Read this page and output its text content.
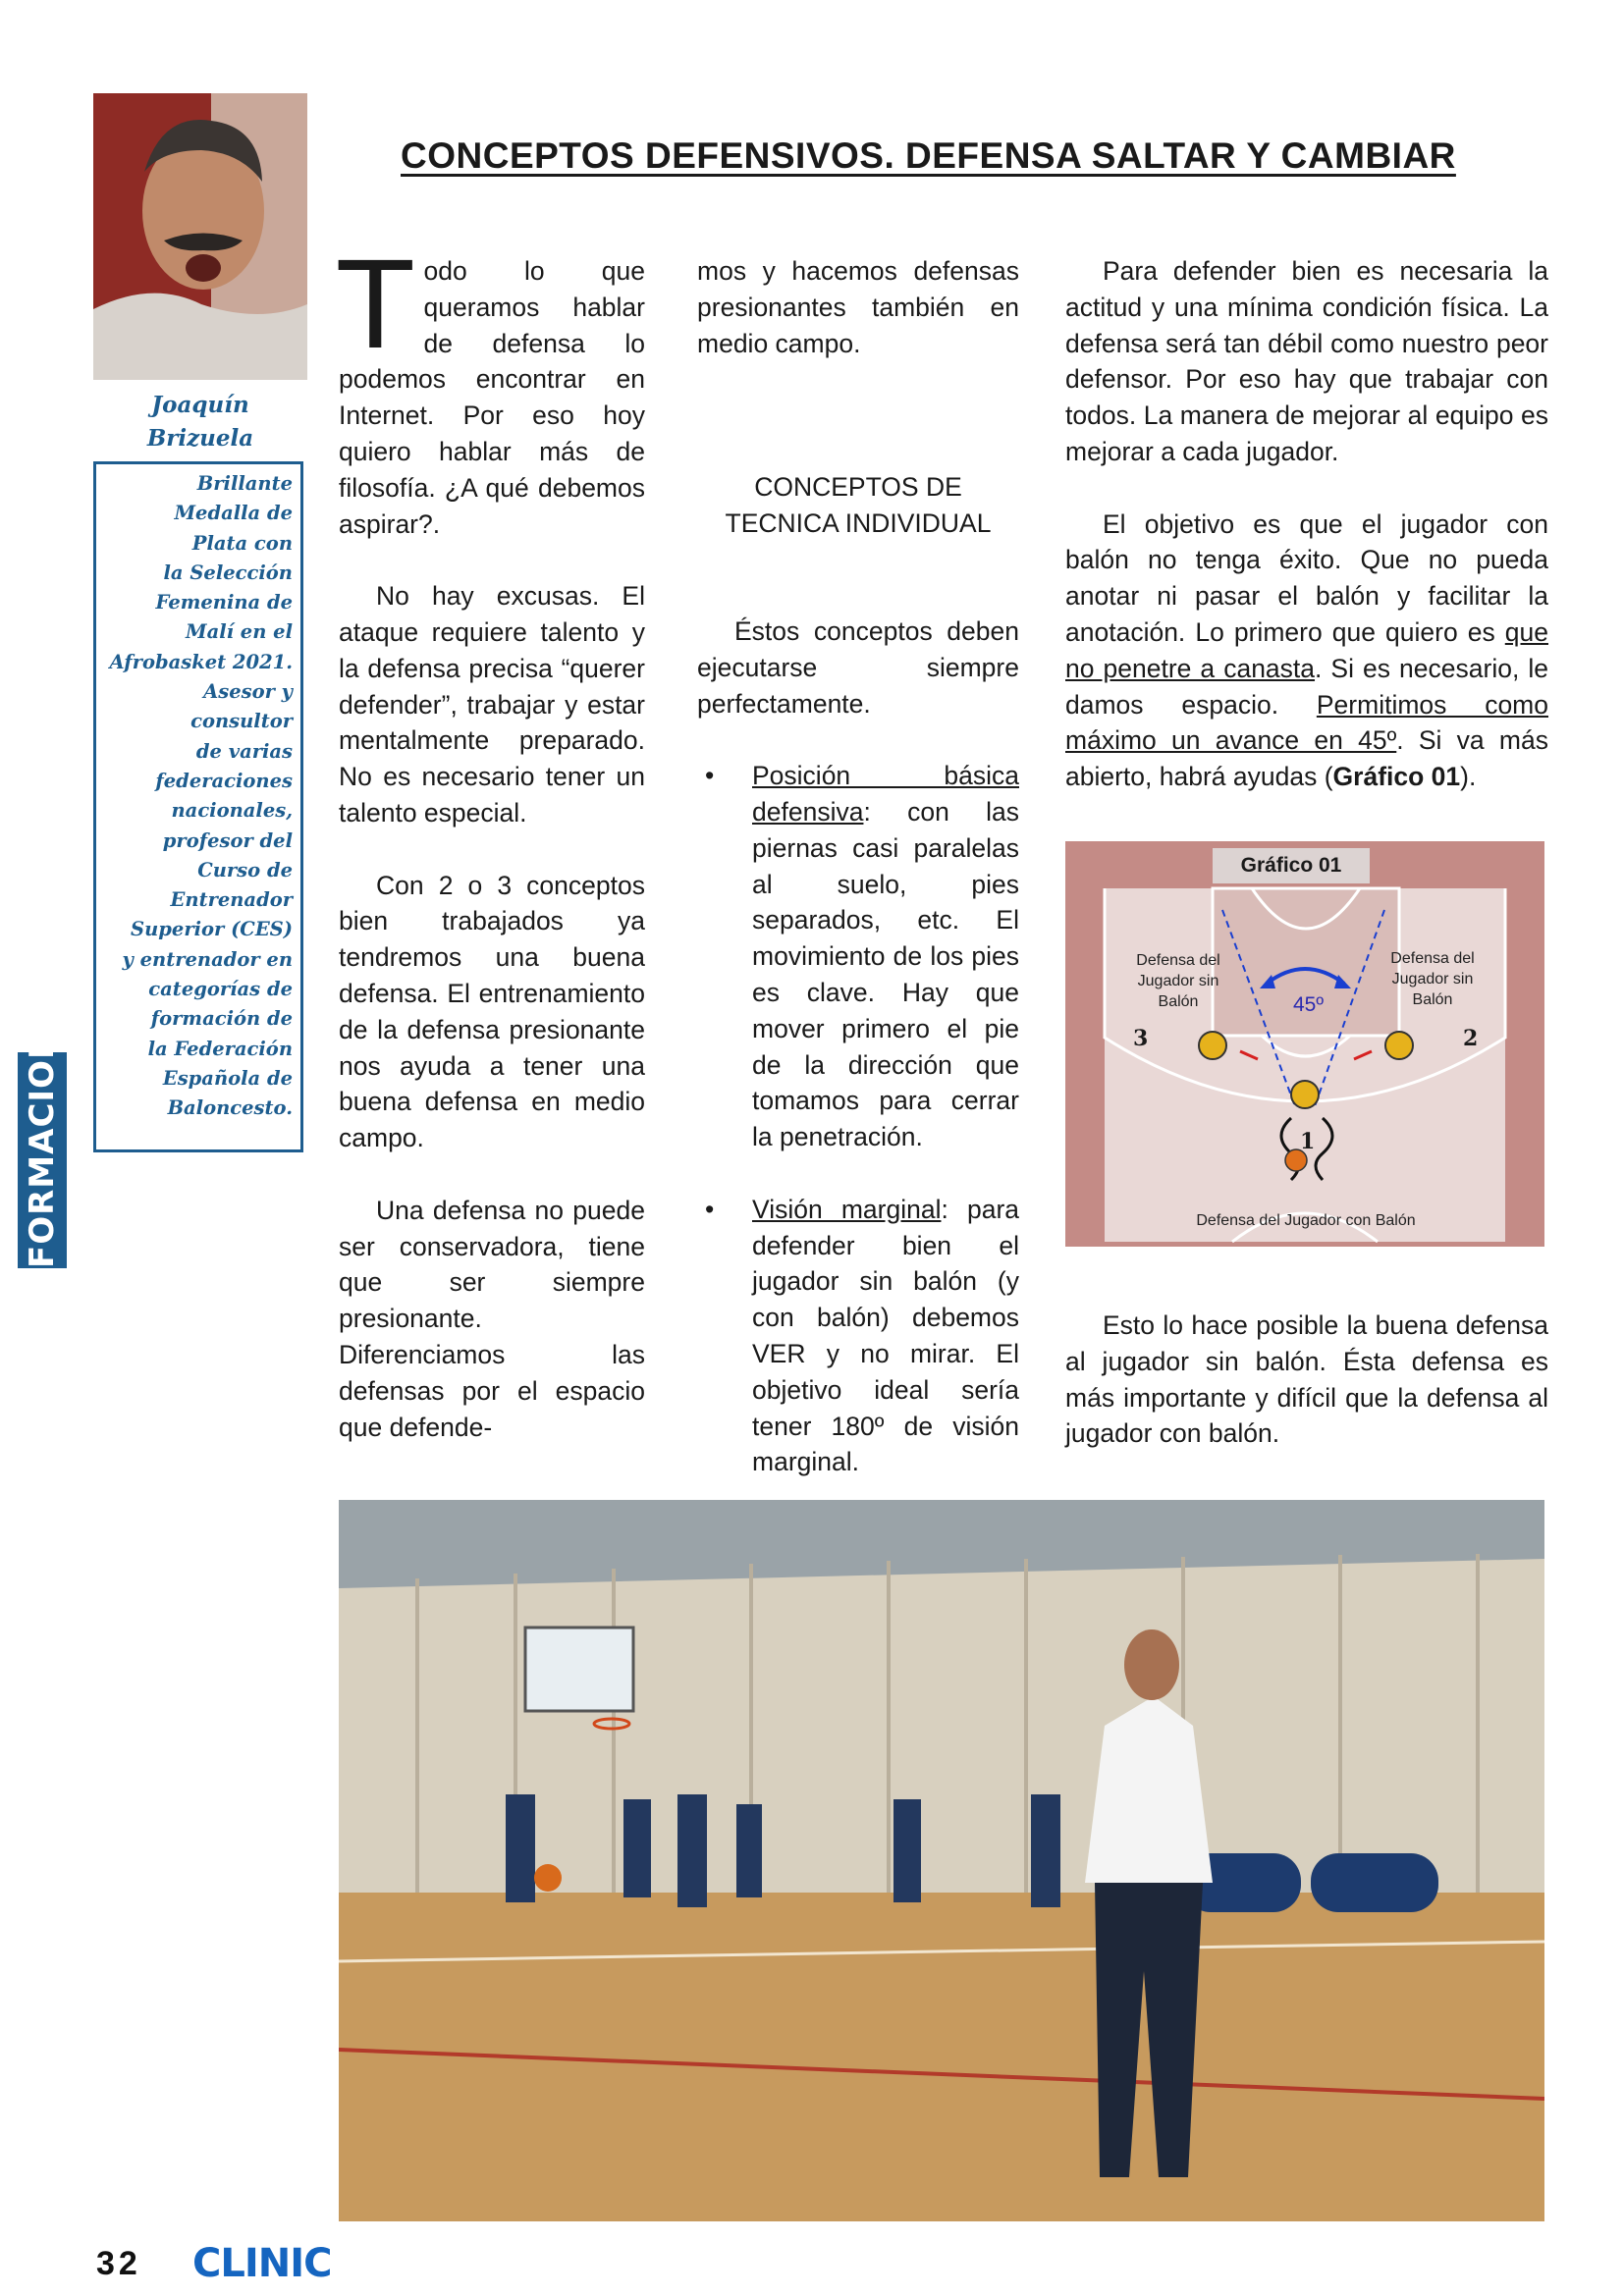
Joaquín
Brizuela
Brillante
Medalla de
Plata con
la Selección
Femenina de
Malí en el
Afrobasket 2021.
Asesor y
consultor
de varias
federaciones
nacionales,
profesor del
Curso de
Entrenador
Superior (CES)
y entrenador en
categorías de
formación de
la Federación
Española de
Baloncesto.
FORMACION
CONCEPTOS DEFENSIVOS. DEFENSA SALTAR Y CAMBIAR

Todo lo que queramos hablar de defensa lo podemos encontrar en Internet. Por eso hoy quiero hablar más de filosofía. ¿A qué debemos aspirar?.

No hay excusas. El ataque requiere talento y la defensa precisa “querer defender”, trabajar y estar mentalmente preparado. No es necesario tener un talento especial.

Con 2 o 3 conceptos bien trabajados ya tendremos una buena defensa. El entrenamiento de la defensa presionante nos ayuda a tener una buena defensa en medio campo.

Una defensa no puede ser conservadora, tiene que ser siempre presionante. Diferenciamos las defensas por el espacio que defende-

mos y hacemos defensas presionantes también en medio campo.

CONCEPTOS DE
TECNICA INDIVIDUAL

Éstos conceptos deben ejecutarse siempre perfectamente.

• Posición básica defensiva: con las piernas casi paralelas al suelo, pies separados, etc. El movimiento de los pies es clave. Hay que mover primero el pie de la dirección que tomamos para cerrar la penetración.
• Visión marginal: para defender bien el jugador sin balón (y con balón) debemos VER y no mirar. El objetivo ideal sería tener 180º de visión marginal.

Para defender bien es necesaria la actitud y una mínima condición física. La defensa será tan débil como nuestro peor defensor. Por eso hay que trabajar con todos. La manera de mejorar al equipo es mejorar a cada jugador.

El objetivo es que el jugador con balón no tenga éxito. Que no pueda anotar ni pasar el balón y facilitar la anotación. Lo primero que quiero es que no penetre a canasta. Si es necesario, le damos espacio. Permitimos como máximo un avance en 45º. Si va más abierto, habrá ayudas (Gráfico 01).

Esto lo hace posible la buena defensa al jugador sin balón. Ésta defensa es más importante y difícil que la defensa al jugador con balón.

Gráfico 01
Defensa del Jugador sin Balón
Defensa del Jugador sin Balón
Defensa del Jugador con Balón
45º
3	2
1
32 CLINIC
